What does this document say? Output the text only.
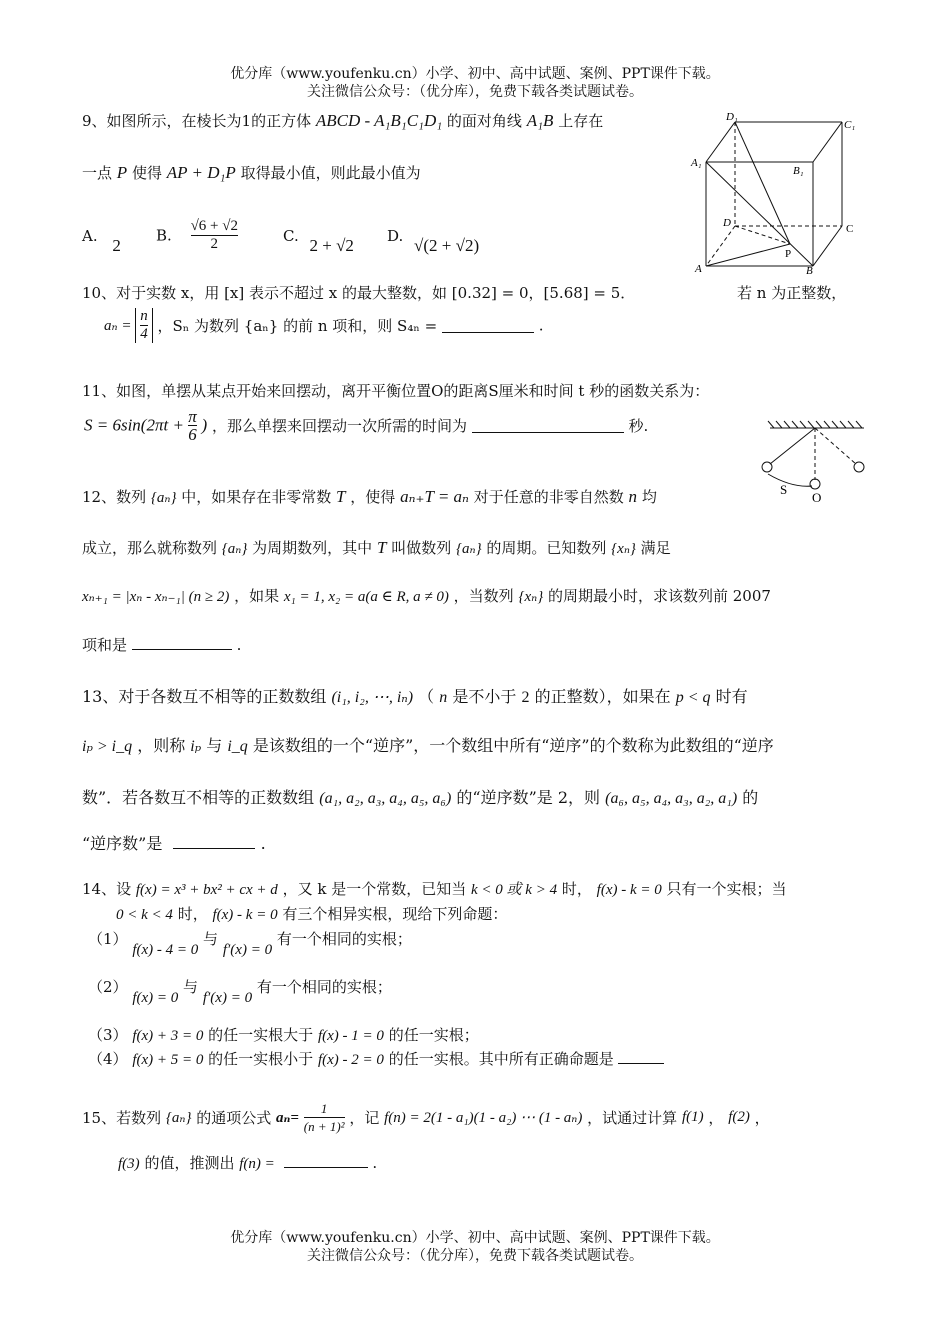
优分库（www.youfenku.cn）小学、初中、高中试题、案例、PPT课件下载。
关注微信公众号：（优分库），免费下载各类试题试卷。
9、如图所示，在棱长为1的正方体 ABCD - A₁B₁C₁D₁ 的面对角线 A₁B 上存在
一点 P 使得 AP + D₁P 取得最小值，则此最小值为
A. 2
B. $\frac{√6 + √2}{2}$	C. 2 + √2 D. √(2 + √2)
D₁
C₁
A₁
B₁
D	C
A
P
B
10、对于实数 x，用 [x] 表示不超过 x 的最大整数，如 [0.32] = 0，[5.68] = 5．	若 n 为正整数，
$a_n = \frac{n}{4}$ ，Sₙ 为数列 {aₙ} 的前 n 项和，则 S₄ₙ =	.
11、如图，单摆从某点开始来回摆动，离开平衡位置O的距离S厘米和时间 t 秒的函数关系为：
$S = 6\sin(2\pi t + \frac{\pi}{6}$ ) ，那么单摆来回摆动一次所需的时间为	秒.
S
O
12、数列 {aₙ} 中，如果存在非零常数 T ，使得 aₙ₊T = aₙ 对于任意的非零自然数 n 均
成立，那么就称数列 {aₙ} 为周期数列，其中 T 叫做数列 {aₙ} 的周期。已知数列 {xₙ} 满足
xₙ₊₁ = |xₙ - xₙ₋₁| (n ≥ 2) ，如果 x₁ = 1, x₂ = a(a ∈ R, a ≠ 0) ，当数列 {xₙ} 的周期最小时，求该数列前 2007
项和是	.
13、对于各数互不相等的正数数组 (i₁, i₂, ⋯, iₙ) （ n 是不小于 2 的正整数），如果在 p < q 时有
iₚ > i_q ，则称 iₚ 与 i_q 是该数组的一个“逆序”，一个数组中所有“逆序”的个数称为此数组的“逆序
数”．若各数互不相等的正数数组 (a₁, a₂, a₃, a₄, a₅, a₆) 的“逆序数”是 2，则 (a₆, a₅, a₄, a₃, a₂, a₁) 的
“逆序数”是	.
14、设 f(x) = x³ + bx² + cx + d ，又 k 是一个常数，已知当 k < 0 或 k > 4 时， f(x) - k = 0 只有一个实根；当
0 < k < 4 时， f(x) - k = 0 有三个相异实根，现给下列命题：
（1） f(x) - 4 = 0 与 f′(x) = 0 有一个相同的实根；
（2） f(x) = 0 与 f′(x) = 0 有一个相同的实根；
（3） f(x) + 3 = 0 的任一实根大于 f(x) - 1 = 0 的任一实根；
（4） f(x) + 5 = 0 的任一实根小于 f(x) - 2 = 0 的任一实根。其中所有正确命题是
15、若数列 {aₙ} 的通项公式 $a_n= \frac{1}{\text{(n + 1)²}}$ ，记 f(n) = 2(1 - a₁)(1 - a₂) ⋯ (1 - aₙ) ，试通过计算 f(1) ， f(2) ，
f(3) 的值，推测出 f(n) =	.
优分库（www.youfenku.cn）小学、初中、高中试题、案例、PPT课件下载。
关注微信公众号：（优分库），免费下载各类试题试卷。
